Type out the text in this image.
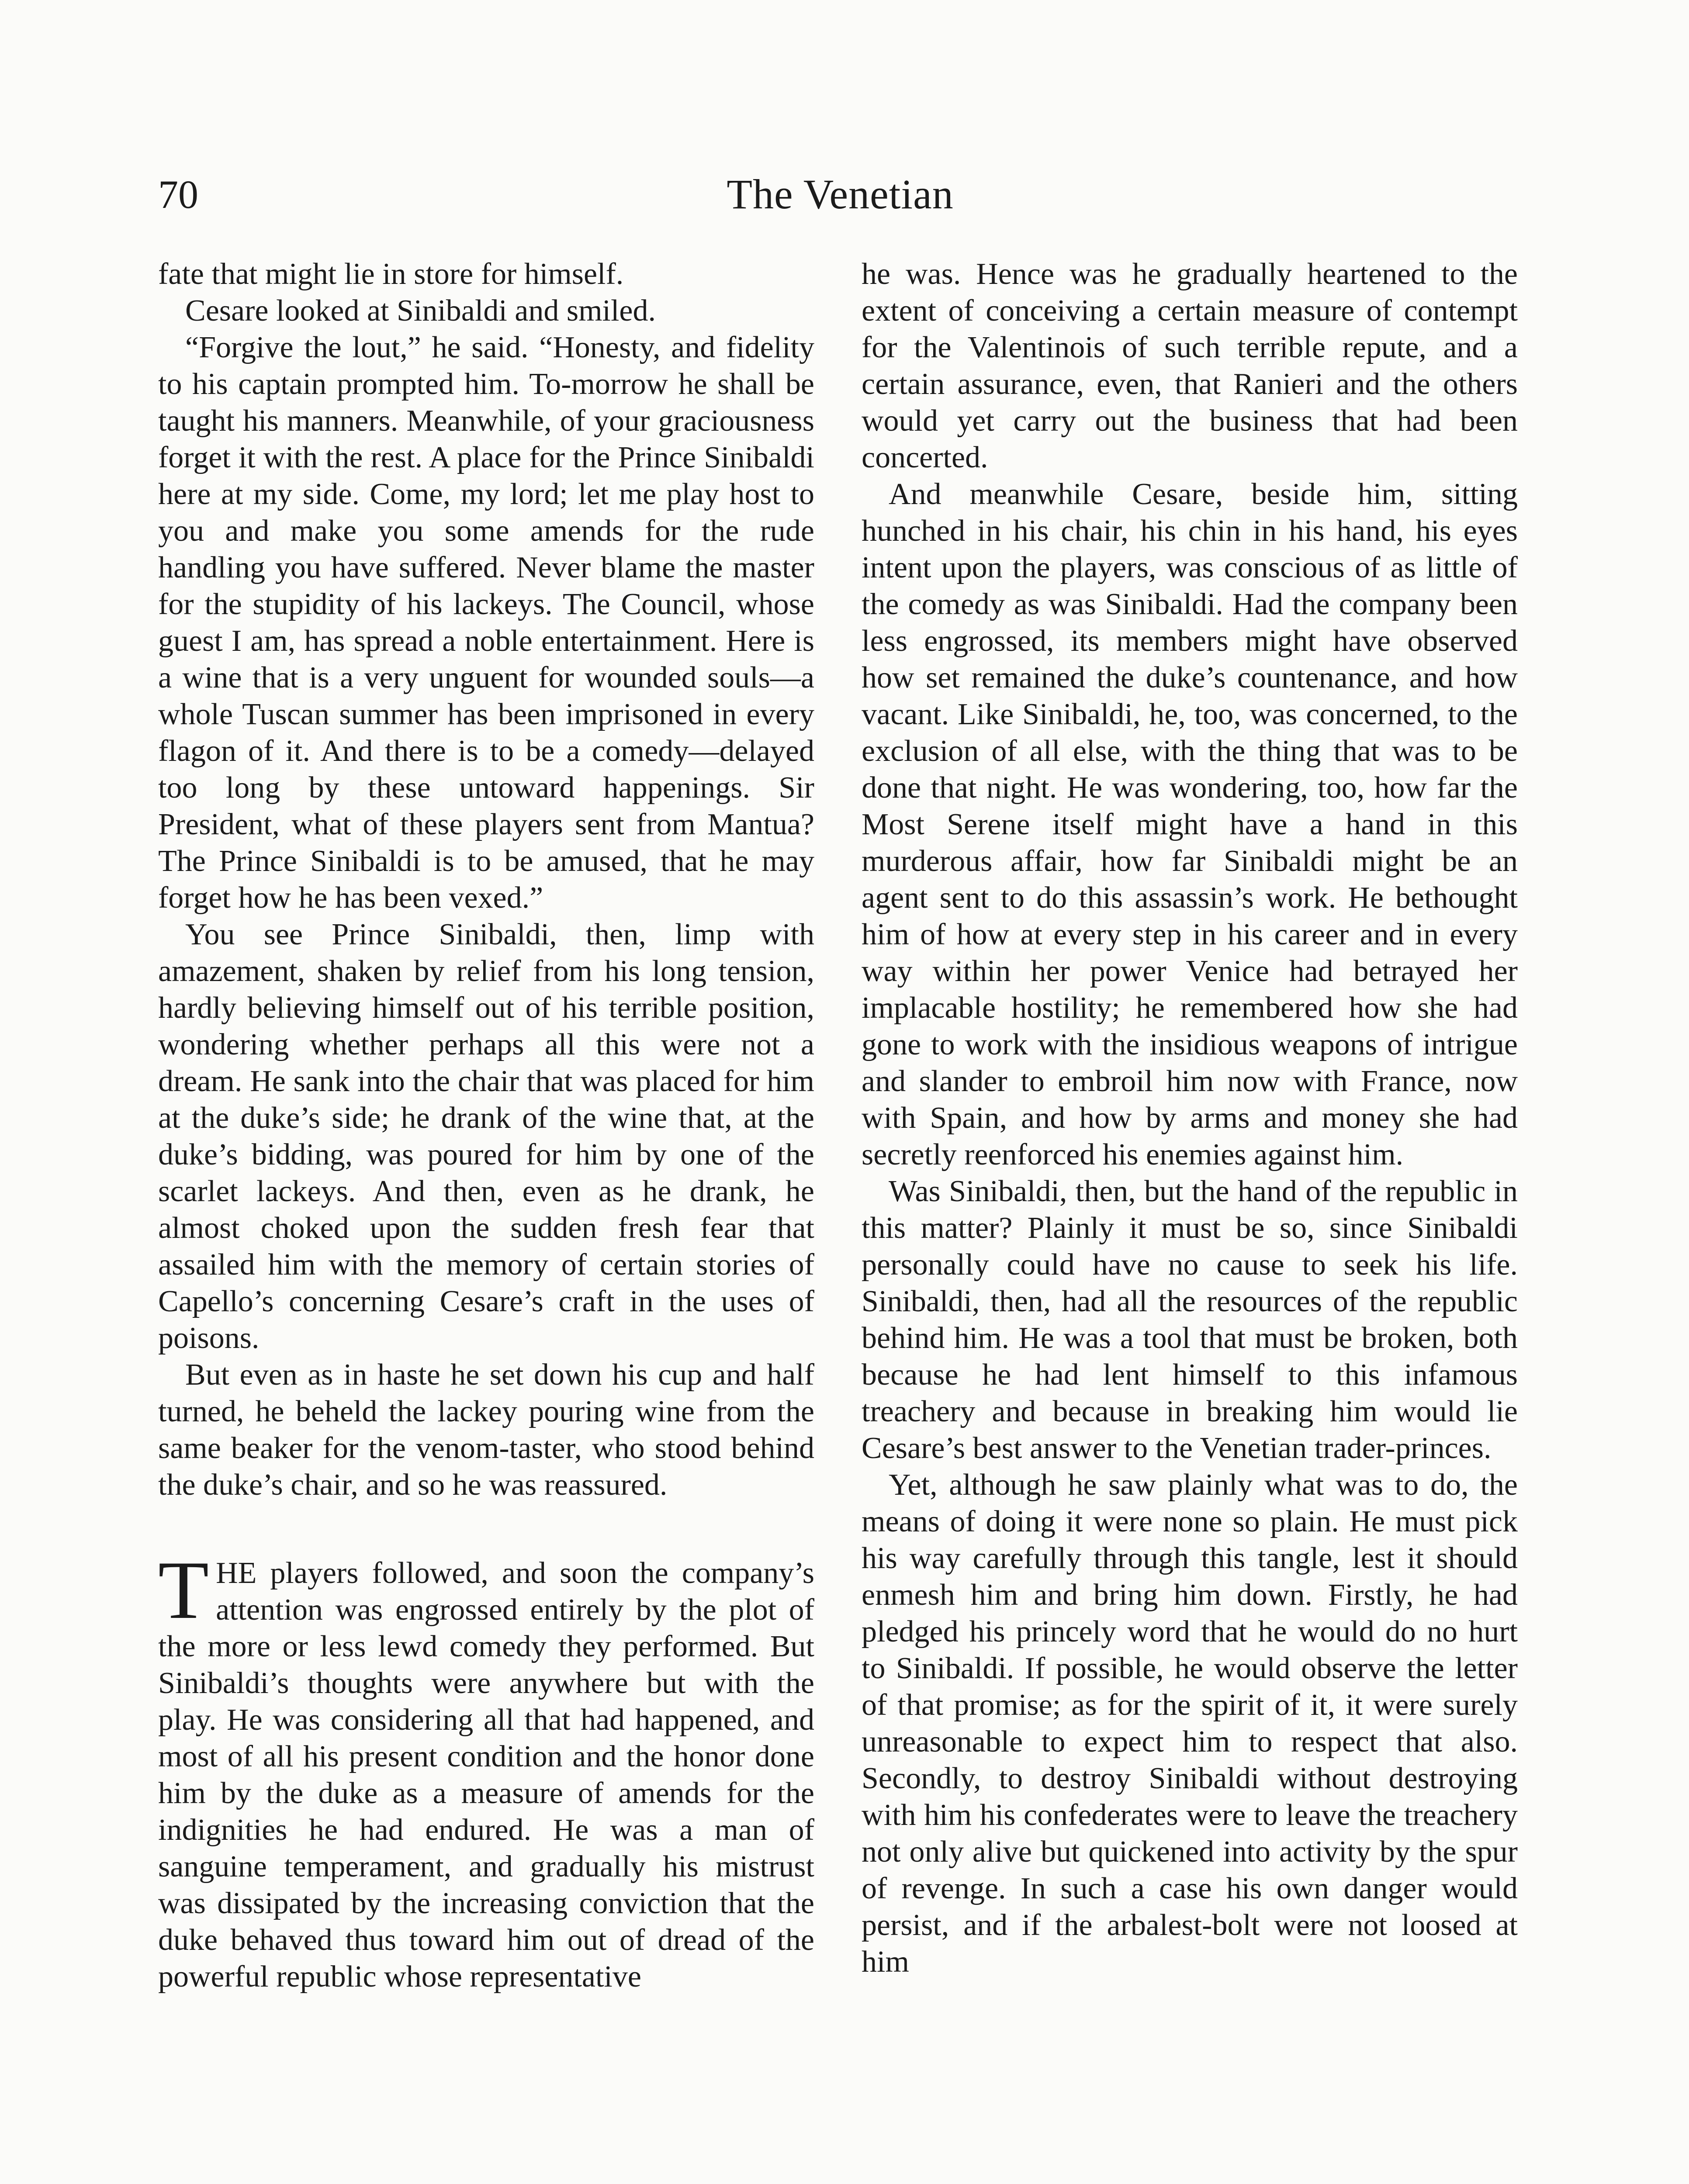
70	The Venetian

fate that might lie in store for himself.

Cesare looked at Sinibaldi and smiled.

“Forgive the lout,” he said. “Honesty, and fidelity to his captain prompted him. To-morrow he shall be taught his manners. Meanwhile, of your graciousness forget it with the rest. A place for the Prince Sinibaldi here at my side. Come, my lord; let me play host to you and make you some amends for the rude handling you have suffered. Never blame the master for the stupidity of his lackeys. The Council, whose guest I am, has spread a noble entertainment. Here is a wine that is a very unguent for wounded souls—a whole Tuscan summer has been imprisoned in every flagon of it. And there is to be a comedy—delayed too long by these untoward happenings. Sir President, what of these players sent from Mantua? The Prince Sinibaldi is to be amused, that he may forget how he has been vexed.”

You see Prince Sinibaldi, then, limp with amazement, shaken by relief from his long tension, hardly believing himself out of his terrible position, wondering whether perhaps all this were not a dream. He sank into the chair that was placed for him at the duke’s side; he drank of the wine that, at the duke’s bidding, was poured for him by one of the scarlet lackeys. And then, even as he drank, he almost choked upon the sudden fresh fear that assailed him with the memory of certain stories of Capello’s concerning Cesare’s craft in the uses of poisons.

But even as in haste he set down his cup and half turned, he beheld the lackey pouring wine from the same beaker for the venom-taster, who stood behind the duke’s chair, and so he was reassured.

THE players followed, and soon the company’s attention was engrossed entirely by the plot of the more or less lewd comedy they performed. But Sinibaldi’s thoughts were anywhere but with the play. He was considering all that had happened, and most of all his present condition and the honor done him by the duke as a measure of amends for the indignities he had endured. He was a man of sanguine temperament, and gradually his mistrust was dissipated by the increasing conviction that the duke behaved thus toward him out of dread of the powerful republic whose representative

he was. Hence was he gradually heartened to the extent of conceiving a certain measure of contempt for the Valentinois of such terrible repute, and a certain assurance, even, that Ranieri and the others would yet carry out the business that had been concerted.

And meanwhile Cesare, beside him, sitting hunched in his chair, his chin in his hand, his eyes intent upon the players, was conscious of as little of the comedy as was Sinibaldi. Had the company been less engrossed, its members might have observed how set remained the duke’s countenance, and how vacant. Like Sinibaldi, he, too, was concerned, to the exclusion of all else, with the thing that was to be done that night. He was wondering, too, how far the Most Serene itself might have a hand in this murderous affair, how far Sinibaldi might be an agent sent to do this assassin’s work. He bethought him of how at every step in his career and in every way within her power Venice had betrayed her implacable hostility; he remembered how she had gone to work with the insidious weapons of intrigue and slander to embroil him now with France, now with Spain, and how by arms and money she had secretly reenforced his enemies against him.

Was Sinibaldi, then, but the hand of the republic in this matter? Plainly it must be so, since Sinibaldi personally could have no cause to seek his life. Sinibaldi, then, had all the resources of the republic behind him. He was a tool that must be broken, both because he had lent himself to this infamous treachery and because in breaking him would lie Cesare’s best answer to the Venetian trader-princes.

Yet, although he saw plainly what was to do, the means of doing it were none so plain. He must pick his way carefully through this tangle, lest it should enmesh him and bring him down. Firstly, he had pledged his princely word that he would do no hurt to Sinibaldi. If possible, he would observe the letter of that promise; as for the spirit of it, it were surely unreasonable to expect him to respect that also. Secondly, to destroy Sinibaldi without destroying with him his confederates were to leave the treachery not only alive but quickened into activity by the spur of revenge. In such a case his own danger would persist, and if the arbalest-bolt were not loosed at him
